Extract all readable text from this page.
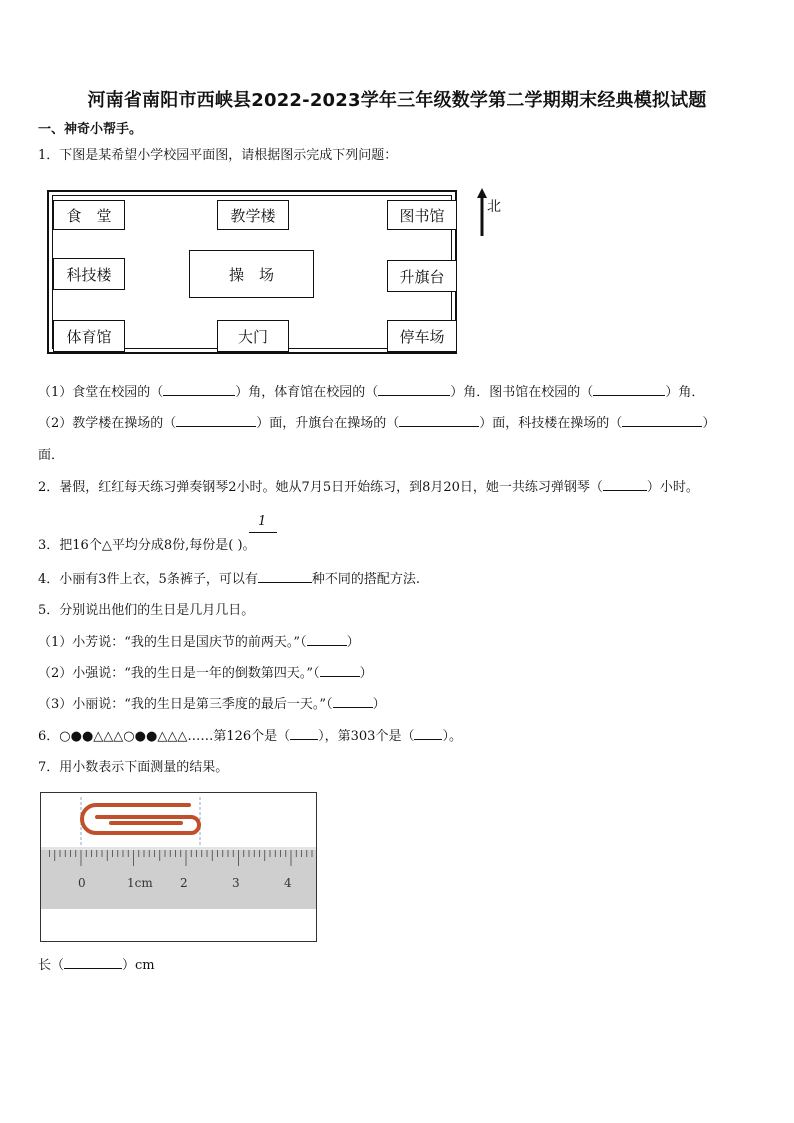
河南省南阳市西峡县2022-2023学年三年级数学第二学期期末经典模拟试题
一、神奇小帮手。
1．下图是某希望小学校园平面图，请根据图示完成下列问题：
食　堂	教学楼	图书馆
科技楼	操　场	升旗台
体育馆	大门	停车场
北
（1）食堂在校园的（	）角，体育馆在校园的（	）角．图书馆在校园的（	）角．
（2）教学楼在操场的（	）面，升旗台在操场的（	）面，科技楼在操场的（	）
面．
2．暑假，红红每天练习弹奏钢琴2小时。她从7月5日开始练习，到8月20日，她一共练习弹钢琴（	）小时。
1
3．把16个△平均分成8份,每份是( )。
4．小丽有3件上衣，5条裤子，可以有	种不同的搭配方法.
5．分别说出他们的生日是几月几日。
（1）小芳说：“我的生日是国庆节的前两天。”（	）
（2）小强说：“我的生日是一年的倒数第四天。”（	）
（3）小丽说：“我的生日是第三季度的最后一天。”（	）
6．○●●△△△○●●△△△……第126个是（ ），第303个是（ ）。
7．用小数表示下面测量的结果。
0	1cm 2	3	4
长（	）cm
